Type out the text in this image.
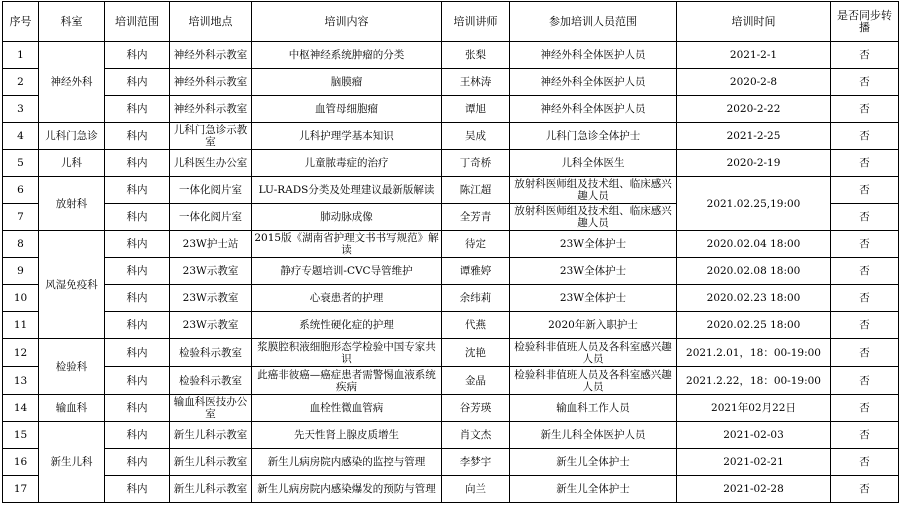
序号	科室	培训范围	培训地点	培训内容	培训讲师	参加培训人员范围	培训时间	是否同步转播
1	神经外科	科内	神经外科示教室	中枢神经系统肿瘤的分类	张梨	神经外科全体医护人员	2021-2-1	否
2		科内	神经外科示教室	脑膜瘤	王林涛	神经外科全体医护人员	2020-2-8	否
3		科内	神经外科示教室	血管母细胞瘤	谭旭	神经外科全体医护人员	2020-2-22	否
4	儿科门急诊	科内	儿科门急诊示教室	儿科护理学基本知识	吴成	儿科门急诊全体护士	2021-2-25	否
5	儿科	科内	儿科医生办公室	儿童脓毒症的治疗	丁奇桥	儿科全体医生	2020-2-19	否
6	放射科	科内	一体化阅片室	LU-RADS分类及处理建议最新版解读	陈江超	放射科医师组及技术组、临床感兴趣人员	2021.02.25,19:00	否
7		科内	一体化阅片室	肺动脉成像	全芳青	放射科医师组及技术组、临床感兴趣人员		否
8	风湿免疫科	科内	23W护士站	2015版《湖南省护理文书书写规范》解读	待定	23W全体护士	2020.02.04 18:00	否
9		科内	23W示教室	静疗专题培训-CVC导管维护	谭雅婷	23W全体护士	2020.02.08 18:00	否
10		科内	23W示教室	心衰患者的护理	余纬莉	23W全体护士	2020.02.23 18:00	否
11		科内	23W示教室	系统性硬化症的护理	代燕	2020年新入职护士	2020.02.25 18:00	否
12	检验科	科内	检验科示教室	浆膜腔积液细胞形态学检验中国专家共识	沈艳	检验科非值班人员及各科室感兴趣人员	2021.2.01，18：00-19:00	否
13		科内	检验科示教室	此癌非彼癌—癌症患者需警惕血液系统疾病	金晶	检验科非值班人员及各科室感兴趣人员	2021.2.22，18：00-19:00	否
14	输血科	科内	输血科医技办公室	血栓性微血管病	谷芳瑛	输血科工作人员	2021年02月22日	否
15	新生儿科	科内	新生儿科示教室	先天性肾上腺皮质增生	肖文杰	新生儿科全体医护人员	2021-02-03	否
16		科内	新生儿科示教室	新生儿病房院内感染的监控与管理	李梦宇	新生儿全体护士	2021-02-21	否
17		科内	新生儿科示教室	新生儿病房院内感染爆发的预防与管理	向兰	新生儿全体护士	2021-02-28	否
